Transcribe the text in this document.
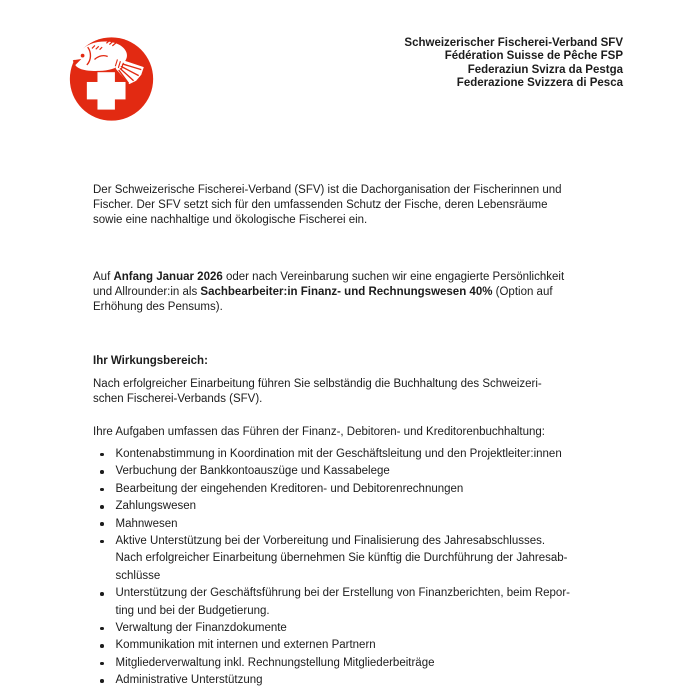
Schweizerischer Fischerei-Verband SFV
Fédération Suisse de Pêche FSP
Federaziun Svizra da Pestga
Federazione Svizzera di Pesca
Der Schweizerische Fischerei-Verband (SFV) ist die Dachorganisation der Fischerinnen und
Fischer. Der SFV setzt sich für den umfassenden Schutz der Fische, deren Lebensräume
sowie eine nachhaltige und ökologische Fischerei ein.
Auf Anfang Januar 2026 oder nach Vereinbarung suchen wir eine engagierte Persönlichkeit
und Allrounder:in als Sachbearbeiter:in Finanz- und Rechnungswesen 40% (Option auf
Erhöhung des Pensums).
Ihr Wirkungsbereich:
Nach erfolgreicher Einarbeitung führen Sie selbständig die Buchhaltung des Schweizeri-
schen Fischerei-Verbands (SFV).
Ihre Aufgaben umfassen das Führen der Finanz-, Debitoren- und Kreditorenbuchhaltung:
Kontenabstimmung in Koordination mit der Geschäftsleitung und den Projektleiter:innen
Verbuchung der Bankkontoauszüge und Kassabelege
Bearbeitung der eingehenden Kreditoren- und Debitorenrechnungen
Zahlungswesen
Mahnwesen
Aktive Unterstützung bei der Vorbereitung und Finalisierung des Jahresabschlusses.
Nach erfolgreicher Einarbeitung übernehmen Sie künftig die Durchführung der Jahresab-
schlüsse
Unterstützung der Geschäftsführung bei der Erstellung von Finanzberichten, beim Repor-
ting und bei der Budgetierung.
Verwaltung der Finanzdokumente
Kommunikation mit internen und externen Partnern
Mitgliederverwaltung inkl. Rechnungstellung Mitgliederbeiträge
Administrative Unterstützung
